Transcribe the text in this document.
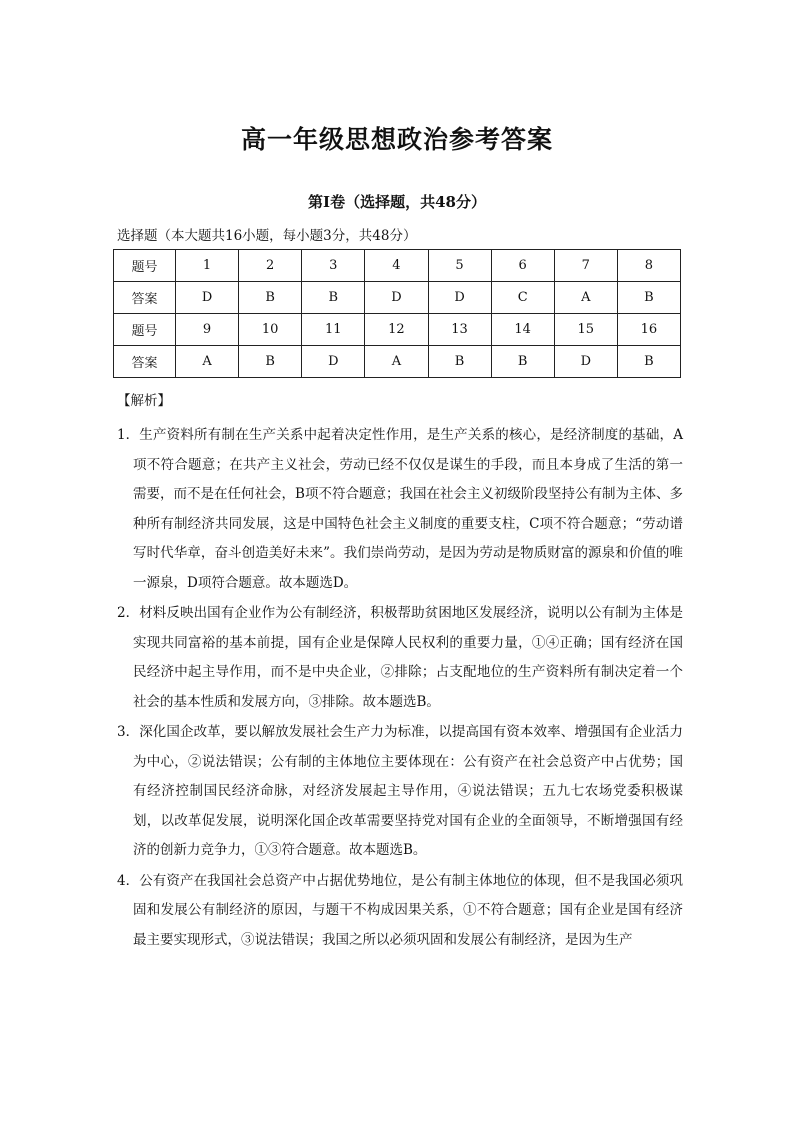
高一年级思想政治参考答案

第Ⅰ卷（选择题，共48分）

选择题（本大题共16小题，每小题3分，共48分）

题号	1	2	3	4	5	6	7	8
答案	D	B	B	D	D	C	A	B
题号	9	10	11	12	13	14	15	16
答案	A	B	D	A	B	B	D	B

【解析】

1．生产资料所有制在生产关系中起着决定性作用，是生产关系的核心，是经济制度的基础，A项不符合题意；在共产主义社会，劳动已经不仅仅是谋生的手段，而且本身成了生活的第一需要，而不是在任何社会，B项不符合题意；我国在社会主义初级阶段坚持公有制为主体、多种所有制经济共同发展，这是中国特色社会主义制度的重要支柱，C项不符合题意；“劳动谱写时代华章，奋斗创造美好未来”。我们崇尚劳动，是因为劳动是物质财富的源泉和价值的唯一源泉，D项符合题意。故本题选D。
2．材料反映出国有企业作为公有制经济，积极帮助贫困地区发展经济，说明以公有制为主体是实现共同富裕的基本前提，国有企业是保障人民权利的重要力量，①④正确；国有经济在国民经济中起主导作用，而不是中央企业，②排除；占支配地位的生产资料所有制决定着一个社会的基本性质和发展方向，③排除。故本题选B。
3．深化国企改革，要以解放发展社会生产力为标准，以提高国有资本效率、增强国有企业活力为中心，②说法错误；公有制的主体地位主要体现在：公有资产在社会总资产中占优势；国有经济控制国民经济命脉，对经济发展起主导作用，④说法错误；五九七农场党委积极谋划，以改革促发展，说明深化国企改革需要坚持党对国有企业的全面领导，不断增强国有经济的创新力竞争力，①③符合题意。故本题选B。
4．公有资产在我国社会总资产中占据优势地位，是公有制主体地位的体现，但不是我国必须巩固和发展公有制经济的原因，与题干不构成因果关系，①不符合题意；国有企业是国有经济最主要实现形式，③说法错误；我国之所以必须巩固和发展公有制经济，是因为生产
